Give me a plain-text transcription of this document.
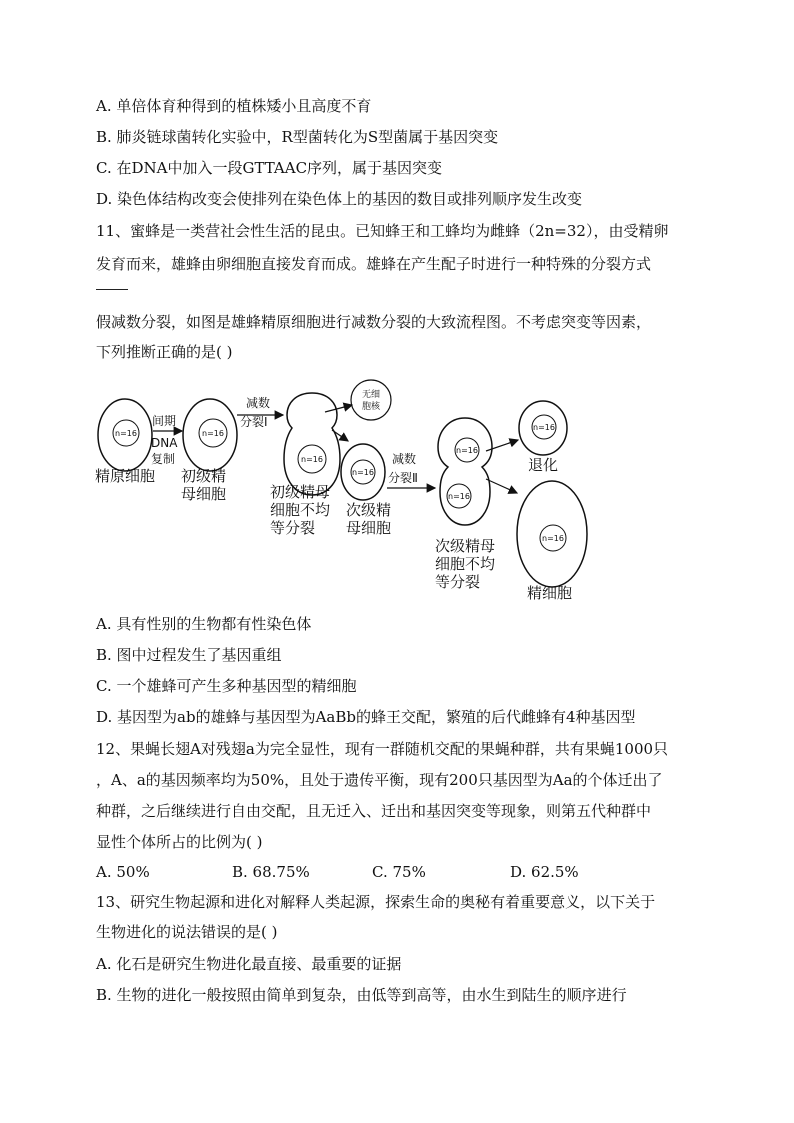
A. 单倍体育种得到的植株矮小且高度不育
B. 肺炎链球菌转化实验中，R型菌转化为S型菌属于基因突变
C. 在DNA中加入一段GTTAAC序列，属于基因突变
D. 染色体结构改变会使排列在染色体上的基因的数目或排列顺序发生改变
11、蜜蜂是一类营社会性生活的昆虫。已知蜂王和工蜂均为雌蜂（2n=32），由受精卵
发育而来，雄蜂由卵细胞直接发育而成。雄蜂在产生配子时进行一种特殊的分裂方式
假减数分裂，如图是雄蜂精原细胞进行减数分裂的大致流程图。不考虑突变等因素，
下列推断正确的是( )
n=16
间期
DNA
复制
n=16
减数
分裂Ⅰ
n=16
无细
胞核
n=16
减数
分裂Ⅱ
n=16
n=16
n=16
退化
n=16
精细胞
精原细胞 初级精
母细胞	初级精母
细胞不均
等分裂
次级精
母细胞
次级精母
细胞不均
等分裂
A. 具有性别的生物都有性染色体
B. 图中过程发生了基因重组
C. 一个雄蜂可产生多种基因型的精细胞
D. 基因型为ab的雄蜂与基因型为AaBb的蜂王交配，繁殖的后代雌蜂有4种基因型
12、果蝇长翅A对残翅a为完全显性，现有一群随机交配的果蝇种群，共有果蝇1000只
，A、a的基因频率均为50%，且处于遗传平衡，现有200只基因型为Aa的个体迁出了
种群，之后继续进行自由交配，且无迁入、迁出和基因突变等现象，则第五代种群中
显性个体所占的比例为( )
A. 50%	B. 68.75%	C. 75%	D. 62.5%
13、研究生物起源和进化对解释人类起源，探索生命的奥秘有着重要意义，以下关于
生物进化的说法错误的是( )
A. 化石是研究生物进化最直接、最重要的证据
B. 生物的进化一般按照由简单到复杂，由低等到高等，由水生到陆生的顺序进行
